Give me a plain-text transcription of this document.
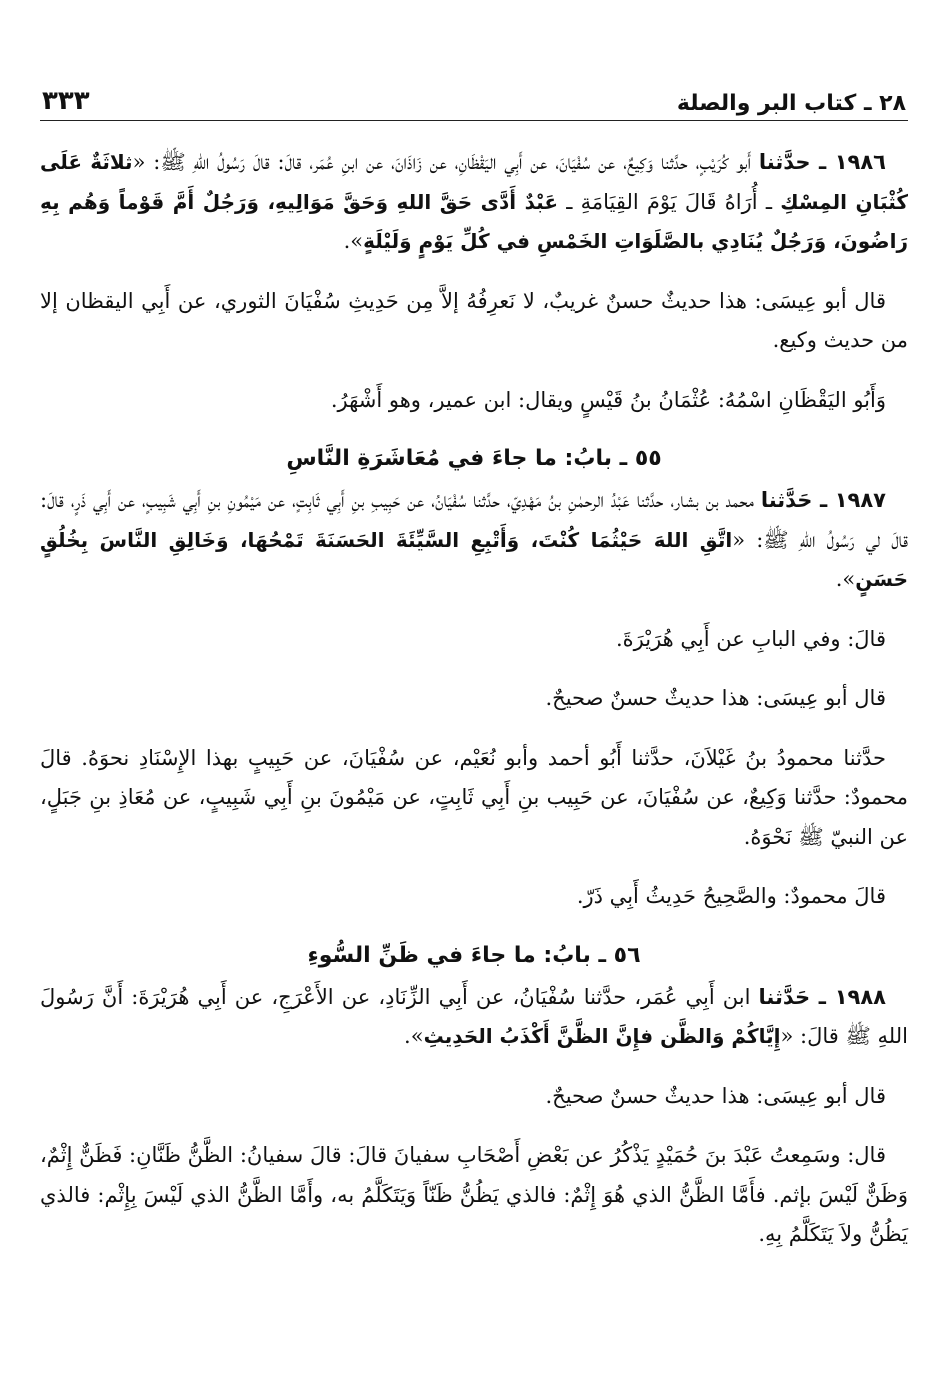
٢٨ ـ كتاب البر والصلة
٣٣٣

١٩٨٦ ـ حدَّثنا أَبو كُرَيْبٍ، حدَّثنا وَكِيعٌ، عن سُفْيَانَ، عن أَبِي اليَقْظَانِ، عن زَاذَانَ، عن ابنِ عُمَر، قالَ: قالَ رَسُولُ اللهِ ﷺ: «ثلاثَةٌ عَلَى كُثْبَانِ المِسْكِ ـ أُرَاهُ قَالَ يَوْمَ القِيَامَةِ ـ عَبْدٌ أَدَّى حَقَّ اللهِ وَحَقَّ مَوَالِيهِ، وَرَجُلٌ أَمَّ قَوْماً وَهُم بِهِ رَاضُونَ، وَرَجُلٌ يُنَادِي بالصَّلَوَاتِ الخَمْسِ في كُلِّ يَوْمٍ وَلَيْلَةٍ».

قال أبو عِيسَى: هذا حديثٌ حسنٌ غريبٌ، لا نَعرِفُهُ إلاَّ مِن حَدِيثِ سُفْيَانَ الثوري، عن أَبِي اليقظان إلا من حديث وكيع.

وَأَبُو اليَقْظَانِ اسْمُهُ: عُثْمَانُ بنُ قَيْسٍ ويقال: ابن عمير، وهو أَشْهَرُ.

٥٥ ـ بابُ: ما جاءَ في مُعَاشَرَةِ النَّاسِ

١٩٨٧ ـ حَدَّثنا محمد بن بشار، حدَّثنا عَبْدُ الرحمٰنِ بنُ مَهْدِيّ، حدَّثنا سُفْيَانُ، عن حَبِيبِ بنِ أَبِي ثَابِتٍ، عن مَيْمُونِ بنِ أَبِي شَبِيبٍ، عن أَبِي ذَرٍ، قالَ: قالَ لي رَسُولُ اللهِ ﷺ: «اتَّقِ اللهَ حَيْثُمَا كُنْتَ، وَأَتْبِعِ السَّيِّئَةَ الحَسَنَةَ تَمْحُهَا، وَخَالِقِ النَّاسَ بِخُلُقٍ حَسَنٍ».

قالَ: وفي البابِ عن أَبِي هُرَيْرَةَ.

قال أبو عِيسَى: هذا حديثٌ حسنٌ صحيحٌ.

حدَّثنا محمودُ بنُ غَيْلاَنَ، حدَّثنا أَبُو أحمد وأبو نُعَيْم، عن سُفْيَانَ، عن حَبِيبٍ بهذا الإِسْنَادِ نحوَهُ. قالَ محمودٌ: حدَّثنا وَكِيعٌ، عن سُفْيَانَ، عن حَبِيب بنِ أَبِي ثَابِتٍ، عن مَيْمُونَ بنِ أَبِي شَبِيبٍ، عن مُعَاذِ بنِ جَبَلٍ، عن النبيّ ﷺ نَحْوَهُ.

قالَ محمودٌ: والصَّحِيحُ حَدِيثُ أَبِي ذَرّ.

٥٦ ـ بابُ: ما جاءَ في ظَنِّ السُّوءِ

١٩٨٨ ـ حَدَّثنا ابن أَبِي عُمَر، حدَّثنا سُفْيَانُ، عن أَبِي الزِّنَادِ، عن الأَعْرَجِ، عن أَبِي هُرَيْرَةَ: أَنَّ رَسُولَ اللهِ ﷺ قالَ: «إِيَّاكُمْ وَالظَّن فإِنَّ الظَّنَّ أَكْذَبُ الحَدِيثِ».

قال أبو عِيسَى: هذا حديثٌ حسنٌ صحيحٌ.

قال: وسَمِعتُ عَبْدَ بنَ حُمَيْدٍ يَذْكُرُ عن بَعْضِ أَصْحَابِ سفيانَ قالَ: قالَ سفيانُ: الظَّنُّ ظَنَّانِ: فَظَنٌّ إِثْمٌ، وَظَنٌّ لَيْسَ بإثم. فأَمَّا الظَّنُّ الذي هُوَ إِثْمٌ: فالذي يَظُنُّ ظَنّاً وَيَتَكَلَّمُ به، وأَمَّا الظَّنُّ الذي لَيْسَ بِإِثْم: فالذي يَظُنُّ ولاَ يَتَكَلَّمُ بِهِ.
